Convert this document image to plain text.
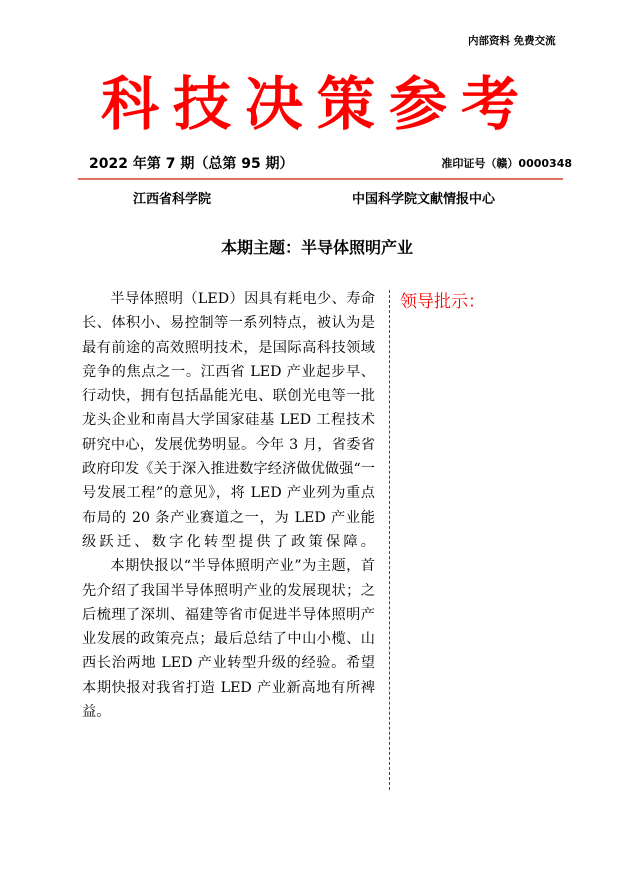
内部资料 免费交流
科技决策参考
2022 年第 7 期（总第 95 期）	准印证号（赣）0000348
江西省科学院	中国科学院文献情报中心
本期主题：半导体照明产业

半导体照明（LED）因具有耗电少、寿命长、体积小、易控制等一系列特点，被认为是最有前途的高效照明技术，是国际高科技领域竞争的焦点之一。江西省 LED 产业起步早、行动快，拥有包括晶能光电、联创光电等一批龙头企业和南昌大学国家硅基 LED 工程技术研究中心，发展优势明显。今年 3 月，省委省政府印发《关于深入推进数字经济做优做强“一号发展工程”的意见》，将 LED 产业列为重点布局的 20 条产业赛道之一，为 LED 产业能级跃迁、数字化转型提供了政策保障。

本期快报以“半导体照明产业”为主题，首先介绍了我国半导体照明产业的发展现状；之后梳理了深圳、福建等省市促进半导体照明产业发展的政策亮点；最后总结了中山小榄、山西长治两地 LED 产业转型升级的经验。希望本期快报对我省打造 LED 产业新高地有所裨益。

领导批示：
